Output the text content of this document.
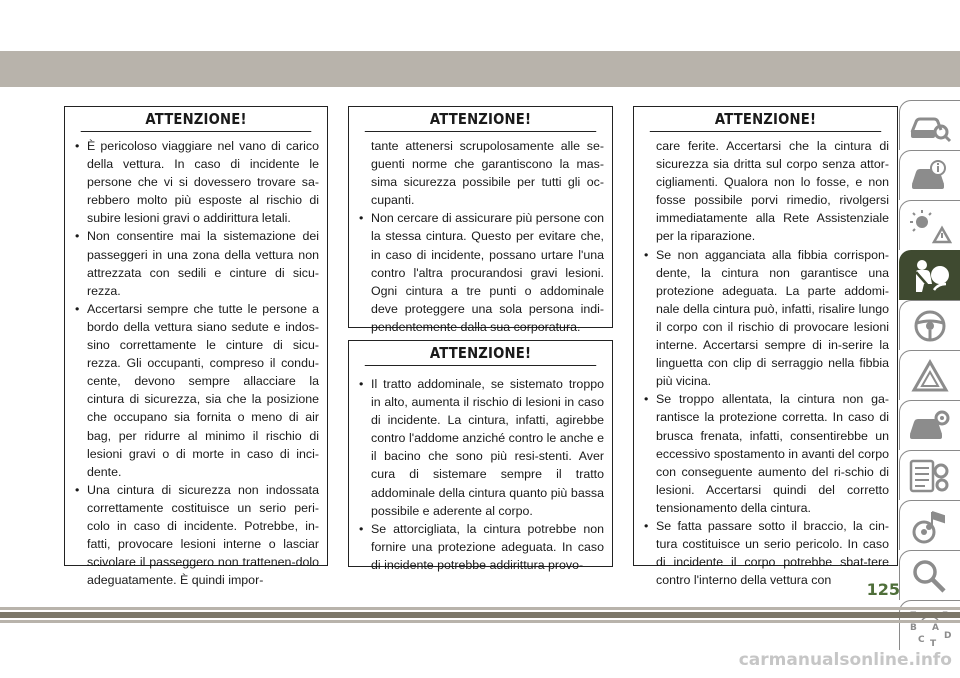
ATTENZIONE!
• È pericoloso viaggiare nel vano di carico della vettura. In caso di incidente le persone che vi si dovessero trovare sa-rebbero molto più esposte al rischio di subire lesioni gravi o addirittura letali.
• Non consentire mai la sistemazione dei passeggeri in una zona della vettura non attrezzata con sedili e cinture di sicu-rezza.
• Accertarsi sempre che tutte le persone a bordo della vettura siano sedute e indos-sino correttamente le cinture di sicu-rezza. Gli occupanti, compreso il condu-cente, devono sempre allacciare la cintura di sicurezza, sia che la posizione che occupano sia fornita o meno di air bag, per ridurre al minimo il rischio di lesioni gravi o di morte in caso di inci-dente.
• Una cintura di sicurezza non indossata correttamente costituisce un serio peri-colo in caso di incidente. Potrebbe, in-fatti, provocare lesioni interne o lasciar scivolare il passeggero non trattenen-dolo adeguatamente. È quindi impor-
ATTENZIONE!

tante attenersi scrupolosamente alle se-guenti norme che garantiscono la mas-sima sicurezza possibile per tutti gli oc-cupanti.

• Non cercare di assicurare più persone con la stessa cintura. Questo per evitare che, in caso di incidente, possano urtare l'una contro l'altra procurandosi gravi lesioni. Ogni cintura a tre punti o addominale deve proteggere una sola persona indi-pendentemente dalla sua corporatura.
ATTENZIONE!
• Il tratto addominale, se sistemato troppo in alto, aumenta il rischio di lesioni in caso di incidente. La cintura, infatti, agirebbe contro l'addome anziché contro le anche e il bacino che sono più resi-stenti. Aver cura di sistemare sempre il tratto addominale della cintura quanto più bassa possibile e aderente al corpo.
• Se attorcigliata, la cintura potrebbe non fornire una protezione adeguata. In caso di incidente potrebbe addirittura provo-
ATTENZIONE!

care ferite. Accertarsi che la cintura di sicurezza sia dritta sul corpo senza attor-cigliamenti. Qualora non lo fosse, e non fosse possibile porvi rimedio, rivolgersi immediatamente alla Rete Assistenziale per la riparazione.

• Se non agganciata alla fibbia corrispon-dente, la cintura non garantisce una protezione adeguata. La parte addomi-nale della cintura può, infatti, risalire lungo il corpo con il rischio di provocare lesioni interne. Accertarsi sempre di in-serire la linguetta con clip di serraggio nella fibbia più vicina.
• Se troppo allentata, la cintura non ga-rantisce la protezione corretta. In caso di brusca frenata, infatti, consentirebbe un eccessivo spostamento in avanti del corpo con conseguente aumento del ri-schio di lesioni. Accertarsi quindi del corretto tensionamento della cintura.
• Se fatta passare sotto il braccio, la cin-tura costituisce un serio pericolo. In caso di incidente il corpo potrebbe sbat-tere contro l'interno della vettura con
B A
C D
T
125
carmanualsonline.info
